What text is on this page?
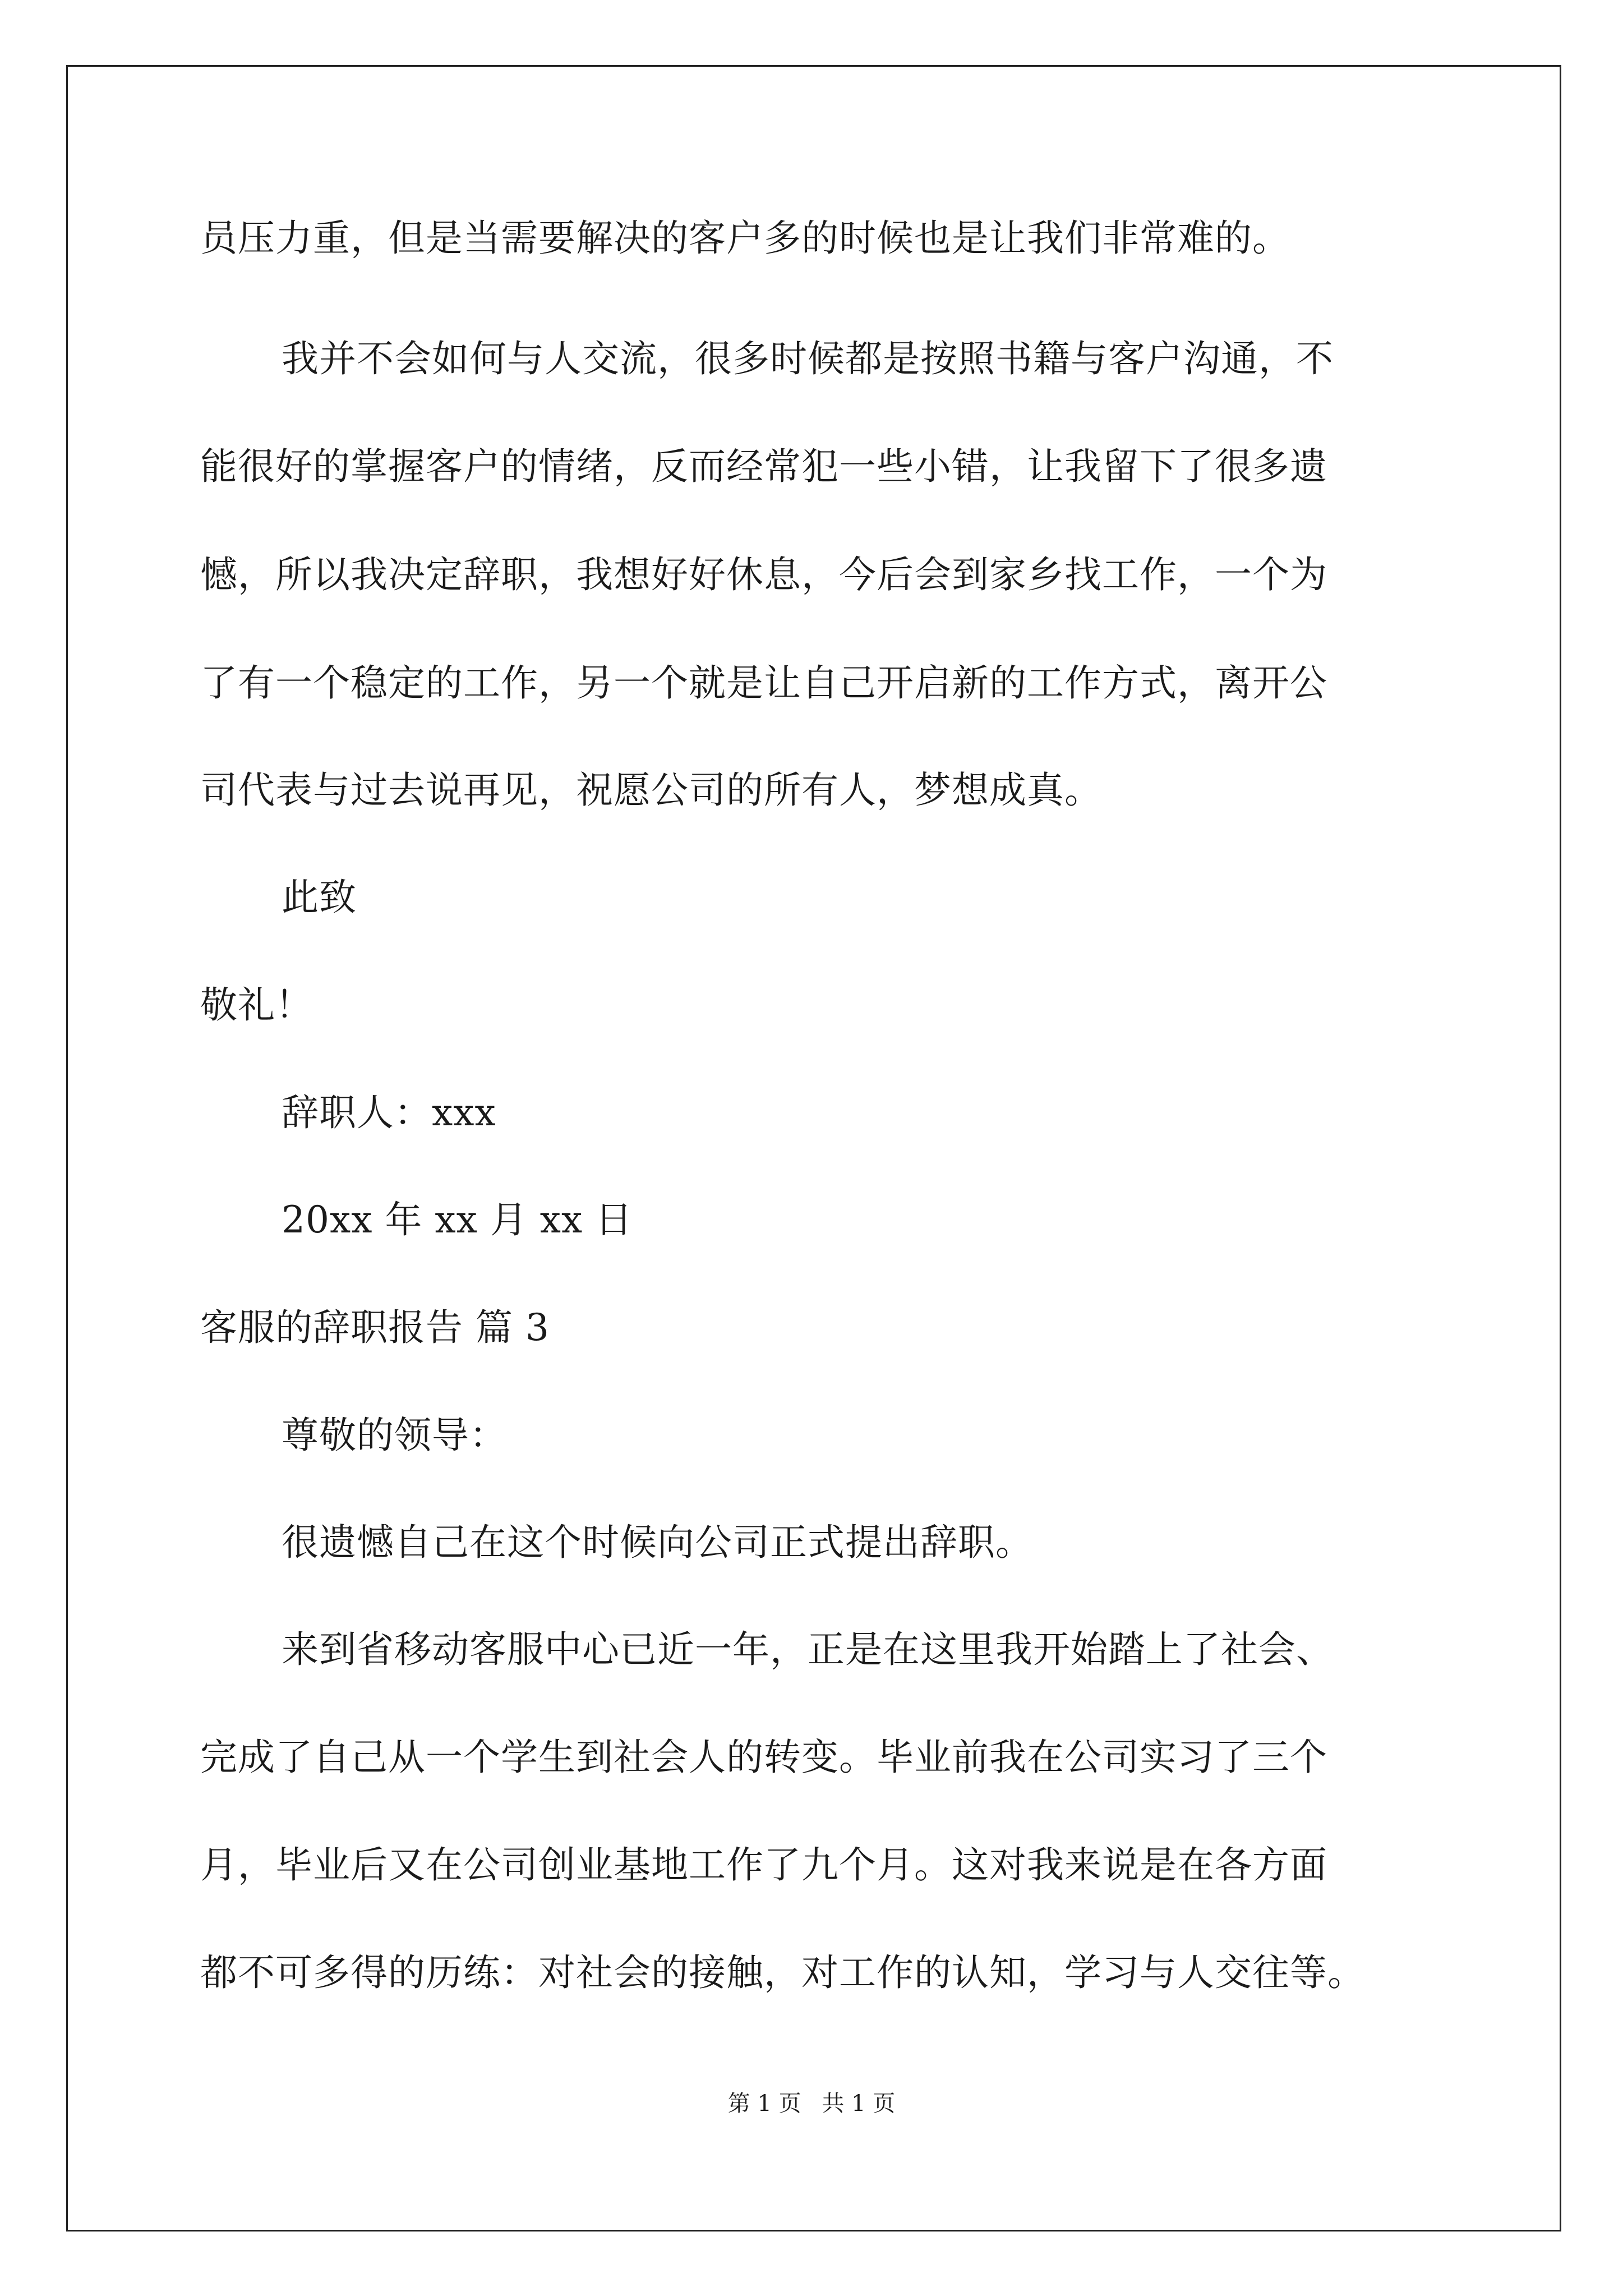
员压力重，但是当需要解决的客户多的时候也是让我们非常难的。
我并不会如何与人交流，很多时候都是按照书籍与客户沟通，不
能很好的掌握客户的情绪，反而经常犯一些小错，让我留下了很多遗
憾，所以我决定辞职，我想好好休息，今后会到家乡找工作，一个为
了有一个稳定的工作，另一个就是让自己开启新的工作方式，离开公
司代表与过去说再见，祝愿公司的所有人，梦想成真。
此致
敬礼！
辞职人：xxx
20xx 年 xx 月 xx 日
客服的辞职报告 篇 3
尊敬的领导：
很遗憾自己在这个时候向公司正式提出辞职。
来到省移动客服中心已近一年，正是在这里我开始踏上了社会、
完成了自己从一个学生到社会人的转变。毕业前我在公司实习了三个
月，毕业后又在公司创业基地工作了九个月。这对我来说是在各方面
都不可多得的历练：对社会的接触，对工作的认知，学习与人交往等。
第 1 页 共 1 页
